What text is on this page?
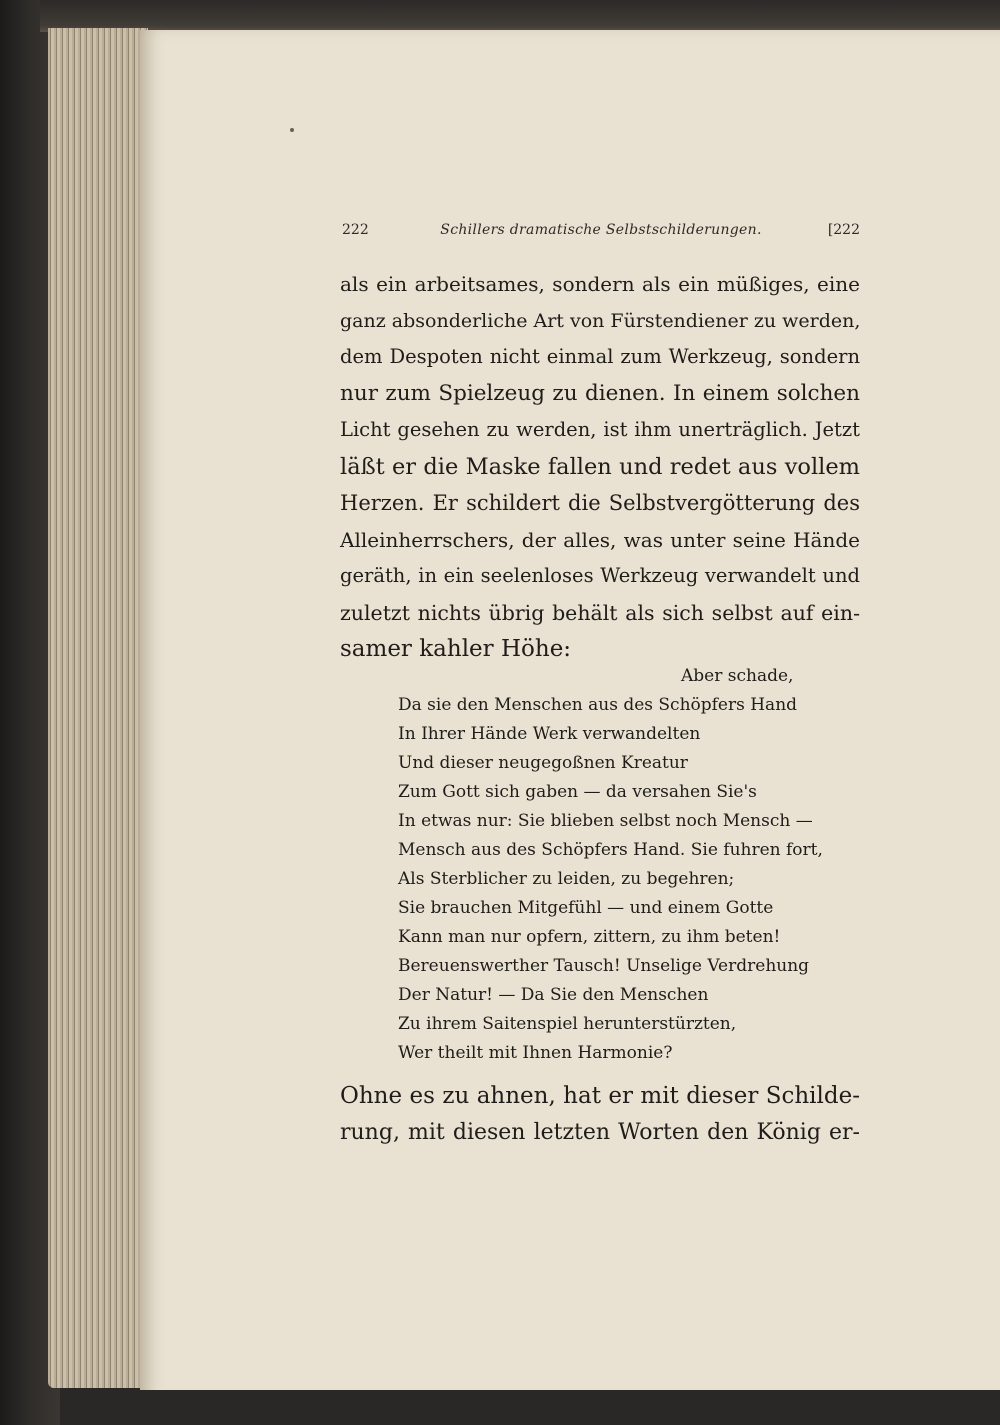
222	Schillers dramatische Selbstschilderungen.	[222
als ein arbeitsames, sondern als ein müßiges, eine
ganz absonderliche Art von Fürstendiener zu werden,
dem Despoten nicht einmal zum Werkzeug, sondern
nur zum Spielzeug zu dienen. In einem solchen
Licht gesehen zu werden, ist ihm unerträglich. Jetzt
läßt er die Maske fallen und redet aus vollem
Herzen. Er schildert die Selbstvergötterung des
Alleinherrschers, der alles, was unter seine Hände
geräth, in ein seelenloses Werkzeug verwandelt und
zuletzt nichts übrig behält als sich selbst auf ein-
samer kahler Höhe:
Aber schade,
Da sie den Menschen aus des Schöpfers Hand
In Ihrer Hände Werk verwandelten
Und dieser neugegoßnen Kreatur
Zum Gott sich gaben — da versahen Sie's
In etwas nur: Sie blieben selbst noch Mensch —
Mensch aus des Schöpfers Hand. Sie fuhren fort,
Als Sterblicher zu leiden, zu begehren;
Sie brauchen Mitgefühl — und einem Gotte
Kann man nur opfern, zittern, zu ihm beten!
Bereuenswerther Tausch! Unselige Verdrehung
Der Natur! — Da Sie den Menschen
Zu ihrem Saitenspiel herunterstürzten,
Wer theilt mit Ihnen Harmonie?
Ohne es zu ahnen, hat er mit dieser Schilde-
rung, mit diesen letzten Worten den König er-
